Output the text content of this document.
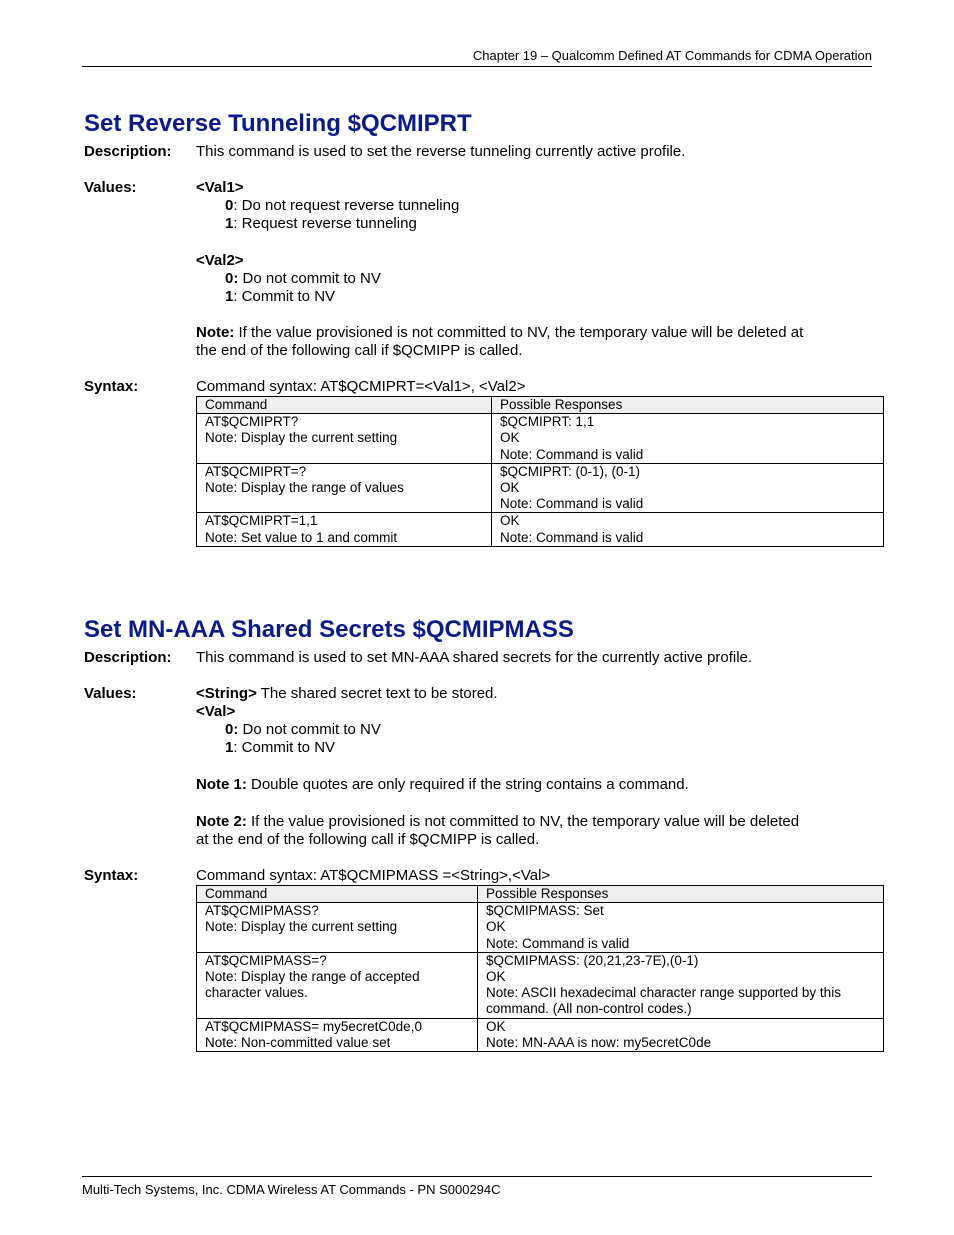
Chapter 19 – Qualcomm Defined AT Commands for CDMA Operation
Set Reverse Tunneling $QCMIPRT
Description: This command is used to set the reverse tunneling currently active profile.
Values:	<Val1>
0: Do not request reverse tunneling
1: Request reverse tunneling
<Val2>
0: Do not commit to NV
1: Commit to NV
Note: If the value provisioned is not committed to NV, the temporary value will be deleted at
the end of the following call if $QCMIPP is called.
Syntax:	Command syntax: AT$QCMIPRT=<Val1>, <Val2>
Command	Possible Responses

AT$QCMIPRT?
Note: Display the current setting	$QCMIPRT: 1,1
OK
Note: Command is valid

AT$QCMIPRT=?
Note: Display the range of values	$QCMIPRT: (0-1), (0-1)
OK
Note: Command is valid

AT$QCMIPRT=1,1
Note: Set value to 1 and commit	OK
Note: Command is valid
Set MN-AAA Shared Secrets $QCMIPMASS
Description: This command is used to set MN-AAA shared secrets for the currently active profile.
Values:	<String> The shared secret text to be stored.
<Val>
0: Do not commit to NV
1: Commit to NV
Note 1: Double quotes are only required if the string contains a command.
Note 2: If the value provisioned is not committed to NV, the temporary value will be deleted
at the end of the following call if $QCMIPP is called.
Syntax:	Command syntax: AT$QCMIPMASS =<String>,<Val>
Command	Possible Responses

AT$QCMIPMASS?
Note: Display the current setting	$QCMIPMASS: Set
OK
Note: Command is valid

AT$QCMIPMASS=?
Note: Display the range of accepted
character values.	$QCMIPMASS: (20,21,23-7E),(0-1)
OK
Note: ASCII hexadecimal character range supported by this
command. (All non-control codes.)

AT$QCMIPMASS= my5ecretC0de,0
Note: Non-committed value set	OK
Note: MN-AAA is now: my5ecretC0de
Multi-Tech Systems, Inc. CDMA Wireless AT Commands - PN S000294C
